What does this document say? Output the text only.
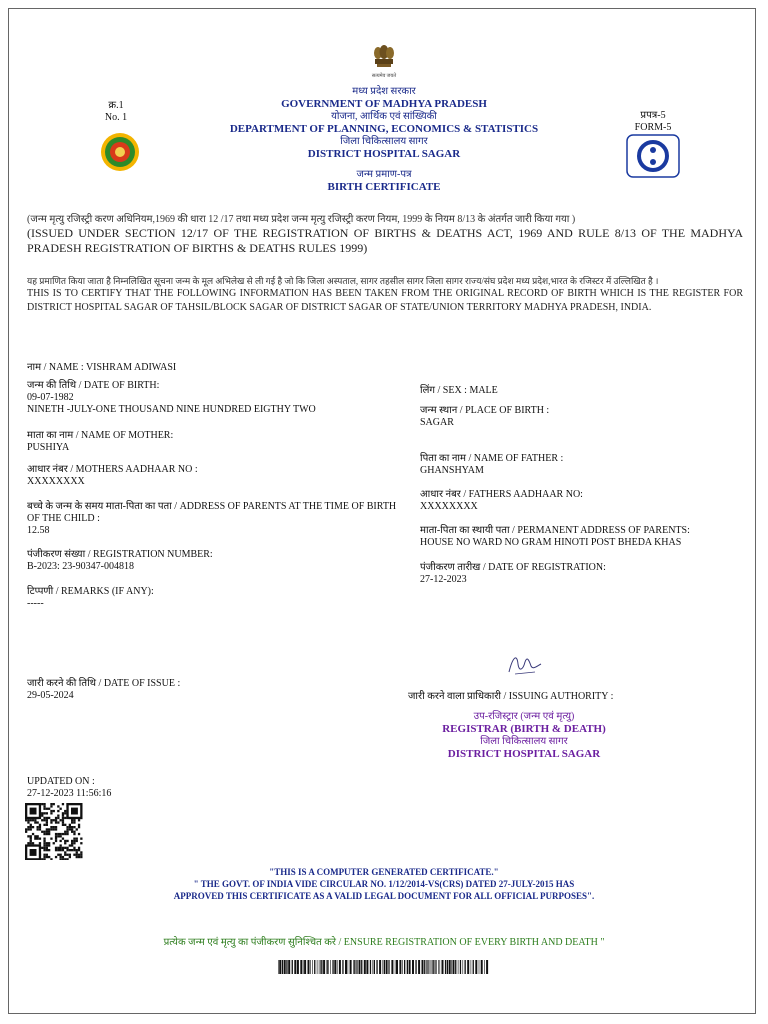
सत्यमेव जयते
मध्य प्रदेश सरकार
GOVERNMENT OF MADHYA PRADESH
योजना, आर्थिक एवं सांख्यिकी
DEPARTMENT OF PLANNING, ECONOMICS & STATISTICS
जिला चिकित्सालय सागर
DISTRICT HOSPITAL SAGAR
जन्म प्रमाण-पत्र
BIRTH CERTIFICATE
क्र.1
No. 1	प्रपत्र-5
FORM-5
(जन्म मृत्यु रजिस्ट्री करण अधिनियम,1969 की धारा 12 /17 तथा मध्य प्रदेश जन्म मृत्यु रजिस्ट्री करण नियम, 1999 के नियम 8/13 के अंतर्गत जारी किया गया )
(ISSUED UNDER SECTION 12/17 OF THE REGISTRATION OF BIRTHS & DEATHS ACT, 1969 AND RULE 8/13 OF THE MADHYA PRADESH REGISTRATION OF BIRTHS & DEATHS RULES 1999)
यह प्रमाणित किया जाता है निम्नलिखित सूचना जन्म के मूल अभिलेख से ली गई है जो कि जिला अस्पताल, सागर तहसील सागर जिला सागर राज्य/संघ प्रदेश मध्य प्रदेश,भारत के रजिस्टर में उल्लिखित है ।
THIS IS TO CERTIFY THAT THE FOLLOWING INFORMATION HAS BEEN TAKEN FROM THE ORIGINAL RECORD OF BIRTH WHICH IS THE REGISTER FOR DISTRICT HOSPITAL SAGAR OF TAHSIL/BLOCK SAGAR OF DISTRICT SAGAR OF STATE/UNION TERRITORY MADHYA PRADESH, INDIA.
नाम / NAME : VISHRAM ADIWASI
जन्म की तिथि / DATE OF BIRTH:
09-07-1982
NINETH -JULY-ONE THOUSAND NINE HUNDRED EIGTHY TWO
माता का नाम / NAME OF MOTHER:
PUSHIYA
आधार नंबर / MOTHERS AADHAAR NO :
XXXXXXXX
बच्चे के जन्म के समय माता-पिता का पता / ADDRESS OF PARENTS AT THE TIME OF BIRTH OF THE CHILD :
12.58
पंजीकरण संख्या / REGISTRATION NUMBER:
B-2023: 23-90347-004818
टिप्पणी / REMARKS (IF ANY):
-----
लिंग / SEX : MALE
जन्म स्थान / PLACE OF BIRTH :
SAGAR
पिता का नाम / NAME OF FATHER :
GHANSHYAM
आधार नंबर / FATHERS AADHAAR NO:
XXXXXXXX
माता-पिता का स्थायी पता / PERMANENT ADDRESS OF PARENTS:
HOUSE NO WARD NO GRAM HINOTI POST BHEDA KHAS
पंजीकरण तारीख / DATE OF REGISTRATION:
27-12-2023
जारी करने की तिथि / DATE OF ISSUE :
29-05-2024	जारी करने वाला प्राधिकारी / ISSUING AUTHORITY :
उप-रजिस्ट्रार (जन्म एवं मृत्यु)
REGISTRAR (BIRTH & DEATH)
जिला चिकित्सालय सागर
DISTRICT HOSPITAL SAGAR
UPDATED ON :
27-12-2023 11:56:16
"THIS IS A COMPUTER GENERATED CERTIFICATE."
" THE GOVT. OF INDIA VIDE CIRCULAR NO. 1/12/2014-VS(CRS) DATED 27-JULY-2015 HAS
APPROVED THIS CERTIFICATE AS A VALID LEGAL DOCUMENT FOR ALL OFFICIAL PURPOSES".
प्रत्येक जन्म एवं मृत्यु का पंजीकरण सुनिश्चित करे / ENSURE REGISTRATION OF EVERY BIRTH AND DEATH "
